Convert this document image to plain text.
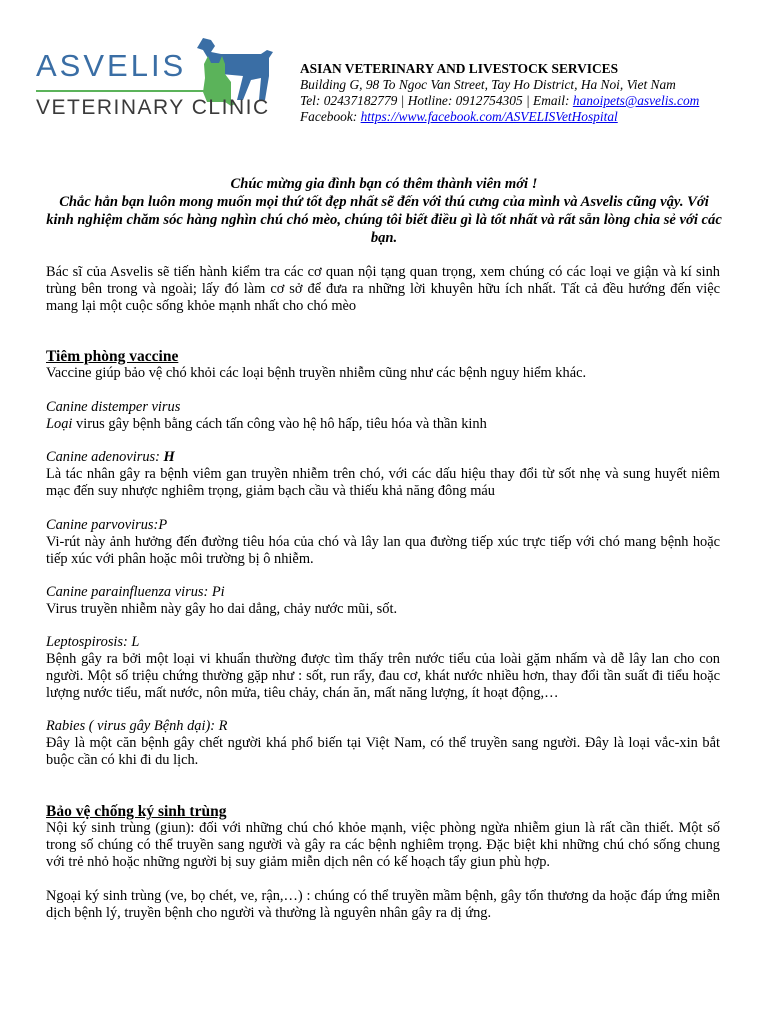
ASVELIS
VETERINARY CLINIC
ASIAN VETERINARY AND LIVESTOCK SERVICES
Building G, 98 To Ngoc Van Street, Tay Ho District, Ha Noi, Viet Nam
Tel: 02437182779 | Hotline: 0912754305 | Email: hanoipets@asvelis.com
Facebook: https://www.facebook.com/ASVELISVetHospital
Chúc mừng gia đình bạn có thêm thành viên mới !
Chắc hẳn bạn luôn mong muốn mọi thứ tốt đẹp nhất sẽ đến với thú cưng của mình và Asvelis cũng vậy. Với kinh nghiệm chăm sóc hàng nghìn chú chó mèo, chúng tôi biết điều gì là tốt nhất và rất sẵn lòng chia sẻ với các bạn.
Bác sĩ của Asvelis sẽ tiến hành kiểm tra các cơ quan nội tạng quan trọng, xem chúng có các loại ve giận và kí sinh trùng bên trong và ngoài; lấy đó làm cơ sở để đưa ra những lời khuyên hữu ích nhất. Tất cả đều hướng đến việc mang lại một cuộc sống khỏe mạnh nhất cho chó mèo

Tiêm phòng vaccine

Vaccine giúp bảo vệ chó khỏi các loại bệnh truyền nhiễm cũng như các bệnh nguy hiểm khác.

Canine distemper virus

Loại virus gây bệnh bằng cách tấn công vào hệ hô hấp, tiêu hóa và thần kinh

Canine adenovirus: H

Là tác nhân gây ra bệnh viêm gan truyền nhiễm trên chó, với các dấu hiệu thay đổi từ sốt nhẹ và sung huyết niêm mạc đến suy nhược nghiêm trọng, giảm bạch cầu và thiếu khả năng đông máu

Canine parvovirus:P

Vi-rút này ảnh hưởng đến đường tiêu hóa của chó và lây lan qua đường tiếp xúc trực tiếp với chó mang bệnh hoặc tiếp xúc với phân hoặc môi trường bị ô nhiễm.

Canine parainfluenza virus: Pi

Virus truyền nhiễm này gây ho dai dẳng, chảy nước mũi, sốt.

Leptospirosis: L

Bệnh gây ra bởi một loại vi khuẩn thường được tìm thấy trên nước tiểu của loài gặm nhấm và dễ lây lan cho con người. Một số triệu chứng thường gặp như : sốt, run rẩy, đau cơ, khát nước nhiều hơn, thay đổi tần suất đi tiểu hoặc lượng nước tiểu, mất nước, nôn mửa, tiêu chảy, chán ăn, mất năng lượng, ít hoạt động,…

Rabies ( virus gây Bệnh dại): R

Đây là một căn bệnh gây chết người khá phổ biến tại Việt Nam, có thể truyền sang người. Đây là loại vắc-xin bắt buộc cần có khi đi du lịch.

Bảo vệ chống ký sinh trùng

Nội ký sinh trùng (giun): đối với những chú chó khỏe mạnh, việc phòng ngừa nhiễm giun là rất cần thiết. Một số trong số chúng có thể truyền sang người và gây ra các bệnh nghiêm trọng. Đặc biệt khi những chú chó sống chung với trẻ nhỏ hoặc những người bị suy giảm miễn dịch nên có kế hoạch tẩy giun phù hợp.

Ngoại ký sinh trùng (ve, bọ chét, ve, rận,…) : chúng có thể truyền mầm bệnh, gây tổn thương da hoặc đáp ứng miễn dịch bệnh lý, truyền bệnh cho người và thường là nguyên nhân gây ra dị ứng.
